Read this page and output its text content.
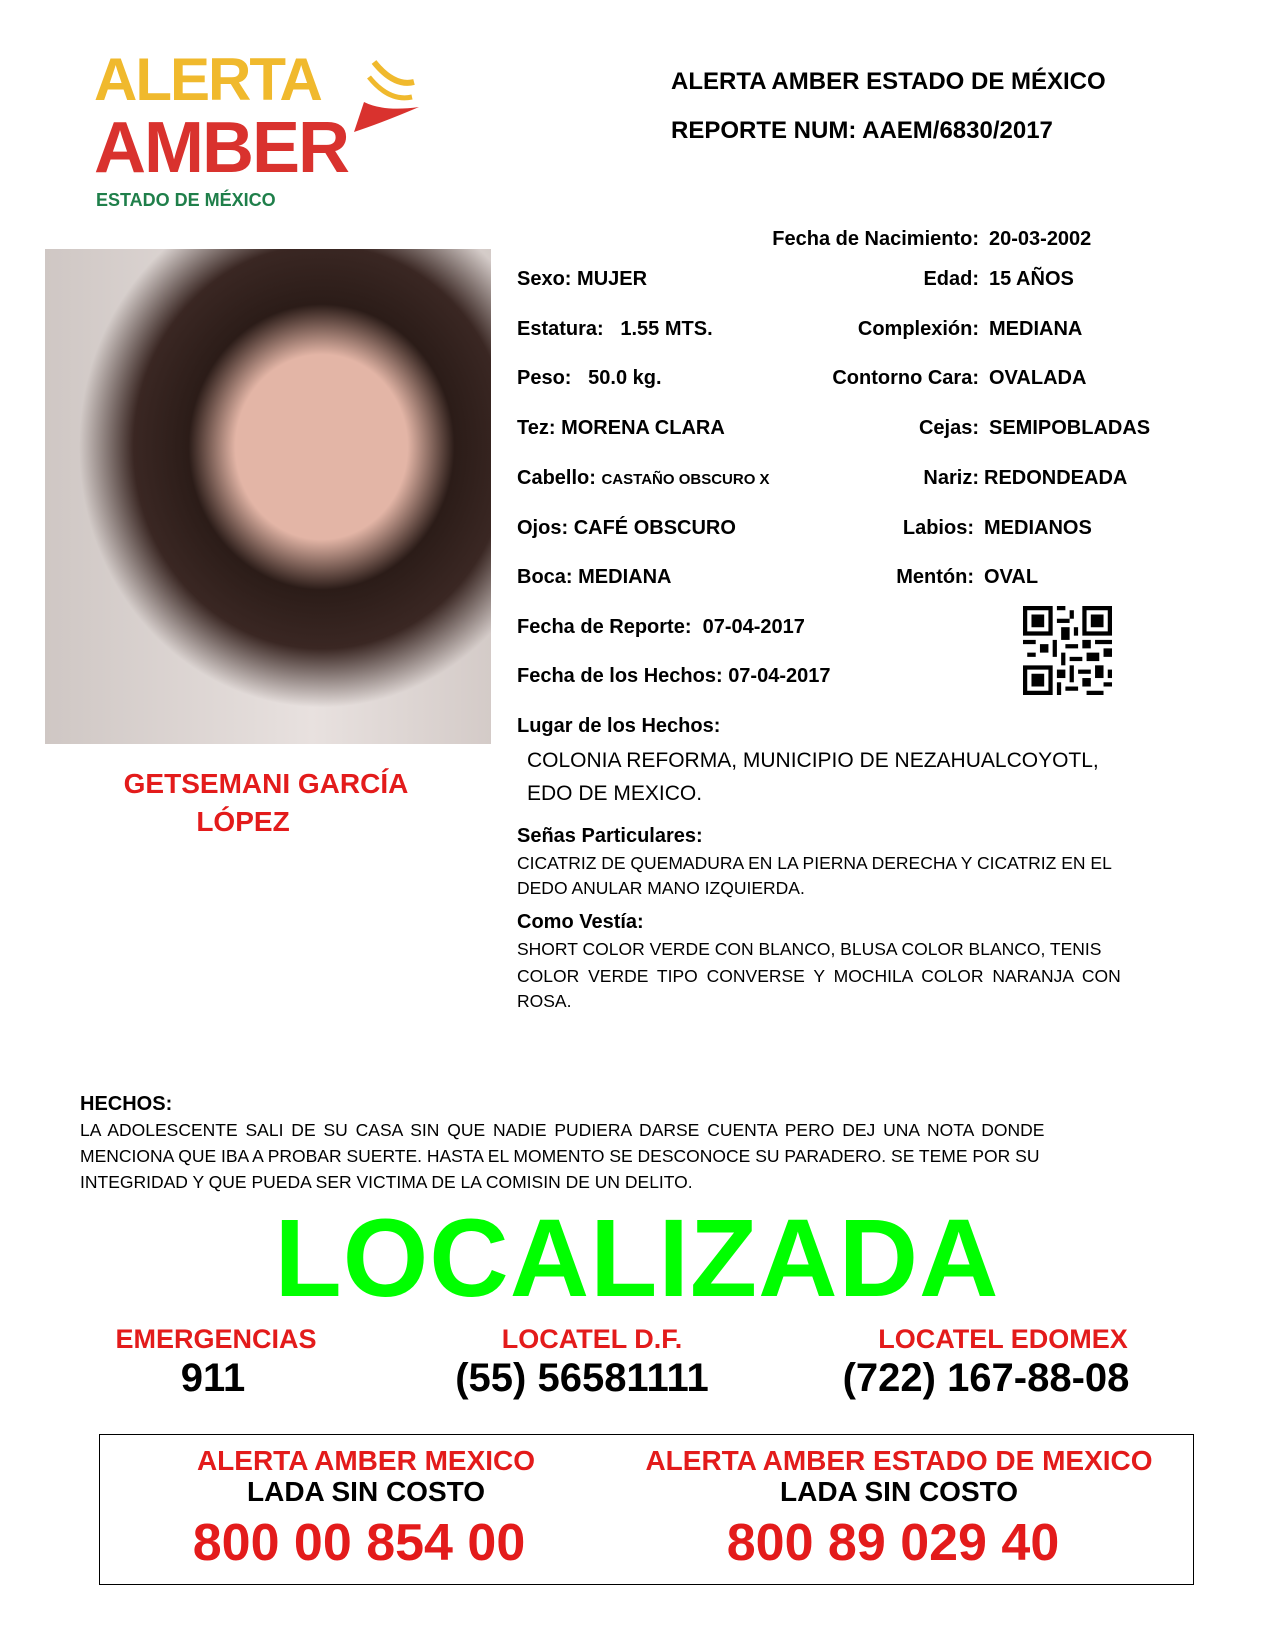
ALERTA
AMBER
ESTADO DE MÉXICO
ALERTA AMBER ESTADO DE MÉXICO
REPORTE NUM: AAEM/6830/2017
GETSEMANI GARCÍA
LÓPEZ
Fecha de Nacimiento: 20-03-2002
Sexo: MUJER	Edad: 15 AÑOS
Estatura: 1.55 MTS.	Complexión: MEDIANA
Peso: 50.0 kg.	Contorno Cara: OVALADA
Tez: MORENA CLARA	Cejas: SEMIPOBLADAS
Cabello: CASTAÑO OBSCURO X	Nariz: REDONDEADA
Ojos: CAFÉ OBSCURO	Labios: MEDIANOS
Boca: MEDIANA	Mentón: OVAL
Fecha de Reporte: 07-04-2017
Fecha de los Hechos: 07-04-2017
Lugar de los Hechos:
COLONIA REFORMA, MUNICIPIO DE NEZAHUALCOYOTL,
EDO DE MEXICO.
Señas Particulares:
CICATRIZ DE QUEMADURA EN LA PIERNA DERECHA Y CICATRIZ EN EL
DEDO ANULAR MANO IZQUIERDA.
Como Vestía:
SHORT COLOR VERDE CON BLANCO, BLUSA COLOR BLANCO, TENIS
COLOR VERDE TIPO CONVERSE Y MOCHILA COLOR NARANJA CON
ROSA.
HECHOS:
LA ADOLESCENTE SALI DE SU CASA SIN QUE NADIE PUDIERA DARSE CUENTA PERO DEJ UNA NOTA DONDE
MENCIONA QUE IBA A PROBAR SUERTE. HASTA EL MOMENTO SE DESCONOCE SU PARADERO. SE TEME POR SU
INTEGRIDAD Y QUE PUEDA SER VICTIMA DE LA COMISIN DE UN DELITO.
LOCALIZADA
EMERGENCIAS
911
LOCATEL D.F.
(55) 56581111
LOCATEL EDOMEX
(722) 167-88-08
ALERTA AMBER MEXICO
LADA SIN COSTO
800 00 854 00
ALERTA AMBER ESTADO DE MEXICO
LADA SIN COSTO
800 89 029 40
